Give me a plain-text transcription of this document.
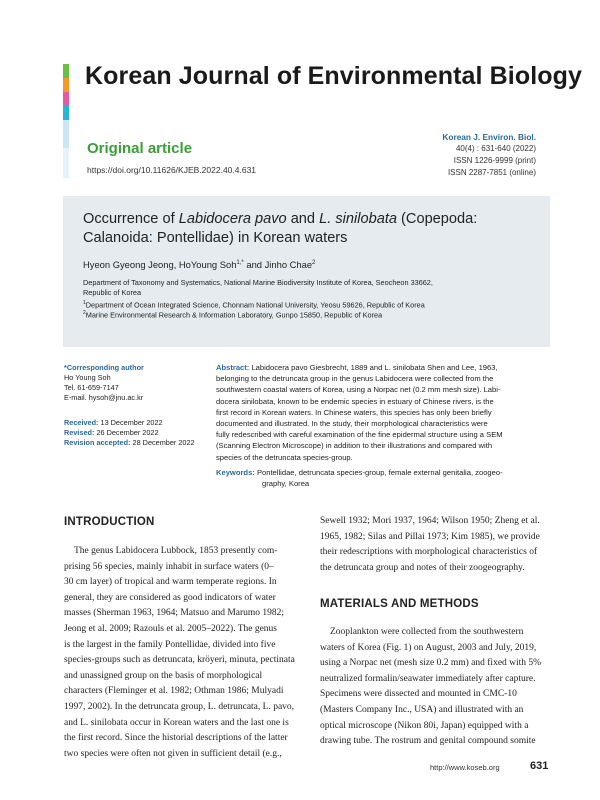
Korean Journal of Environmental Biology
Original article
https://doi.org/10.11626/KJEB.2022.40.4.631
Korean J. Environ. Biol.
40(4) : 631-640 (2022)
ISSN 1226-9999 (print)
ISSN 2287-7851 (online)
Occurrence of Labidocera pavo and L. sinilobata (Copepoda: Calanoida: Pontellidae) in Korean waters
Hyeon Gyeong Jeong, HoYoung Soh$^{1,*}$ and Jinho Chae$^2$
Department of Taxonomy and Systematics, National Marine Biodiversity Institute of Korea, Seocheon 33662,
Republic of Korea
$^1$Department of Ocean Integrated Science, Chonnam National University, Yeosu 59626, Republic of Korea
$^2$Marine Environmental Research & Information Laboratory, Gunpo 15850, Republic of Korea
*Corresponding author
Ho Young Soh
Tel. 61-659-7147
E-mail. hysoh@jnu.ac.kr
Received: 13 December 2022
Revised: 26 December 2022
Revision accepted: 28 December 2022
Abstract: Labidocera pavo Giesbrecht, 1889 and L. sinilobata Shen and Lee, 1963,
belonging to the detruncata group in the genus Labidocera were collected from the
southwestern coastal waters of Korea, using a Norpac net (0.2 mm mesh size). Labi-
docera sinilobata, known to be endemic species in estuary of Chinese rivers, is the
first record in Korean waters. In Chinese waters, this species has only been briefly
documented and illustrated. In the study, their morphological characteristics were
fully redescribed with careful examination of the fine epidermal structure using a SEM
(Scanning Electron Microscope) in addition to their illustrations and compared with
species of the detruncata species-group.
Keywords: Pontellidae, detruncata species-group, female external genitalia, zoogeo-
graphy, Korea
INTRODUCTION

The genus Labidocera Lubbock, 1853 presently com-

prising 56 species, mainly inhabit in surface waters (0–

30 cm layer) of tropical and warm temperate regions. In

general, they are considered as good indicators of water

masses (Sherman 1963, 1964; Matsuo and Marumo 1982;

Jeong et al. 2009; Razouls et al. 2005–2022). The genus

is the largest in the family Pontellidae, divided into five

species-groups such as detruncata, kröyeri, minuta, pectinata

and unassigned group on the basis of morphological

characters (Fleminger et al. 1982; Othman 1986; Mulyadi

1997, 2002). In the detruncata group, L. detruncata, L. pavo,

and L. sinilobata occur in Korean waters and the last one is

the first record. Since the historial descriptions of the latter

two species were often not given in sufficient detail (e.g.,

Sewell 1932; Mori 1937, 1964; Wilson 1950; Zheng et al.

1965, 1982; Silas and Pillai 1973; Kim 1985), we provide

their redescriptions with morphological characteristics of

the detruncata group and notes of their zoogeography.

MATERIALS AND METHODS

Zooplankton were collected from the southwestern

waters of Korea (Fig. 1) on August, 2003 and July, 2019,

using a Norpac net (mesh size 0.2 mm) and fixed with 5%

neutralized formalin/seawater immediately after capture.

Specimens were dissected and mounted in CMC-10

(Masters Company Inc., USA) and illustrated with an

optical microscope (Nikon 80i, Japan) equipped with a

drawing tube. The rostrum and genital compound somite

http://www.koseb.org	631
